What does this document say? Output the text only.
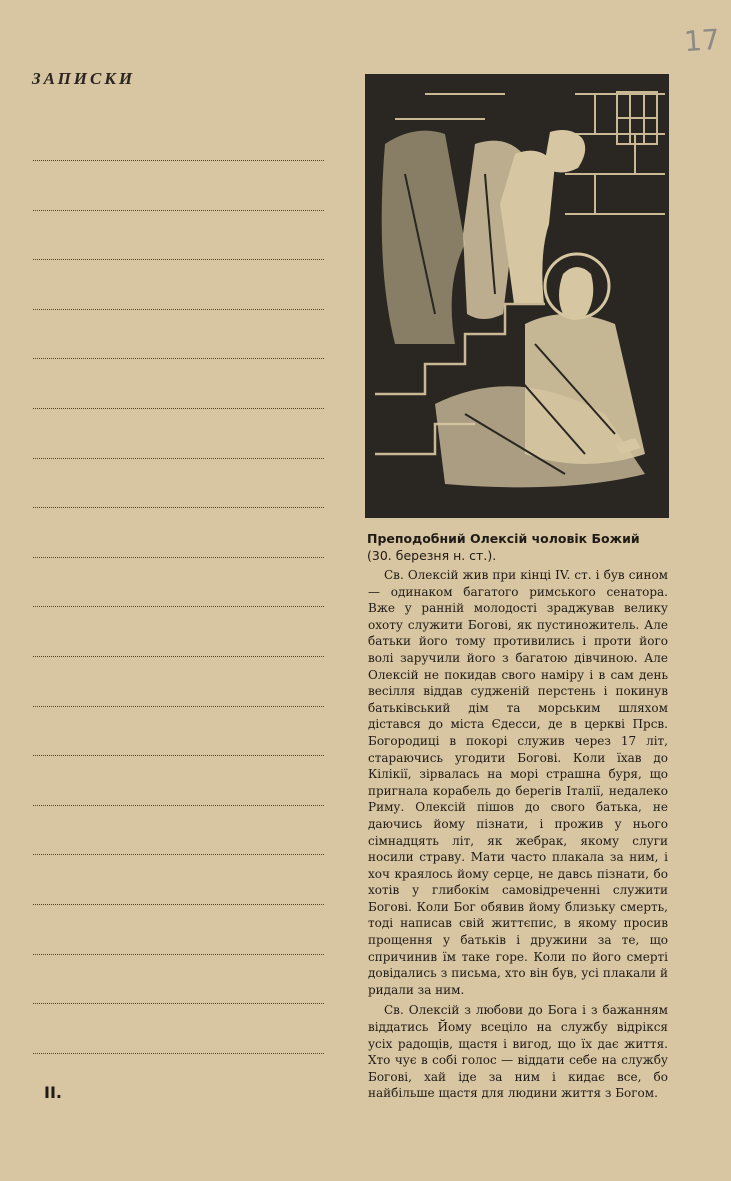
17
ЗАПИСКИ
Преподобний Олексій чоловік Божий (30. березня н. ст.).

Св. Олексій жив при кінці IV. ст. і був сином — одинаком багатого римського сенатора. Вже у ранній молодості зраджував велику охоту служити Богові, як пустиножитель. Але батьки його тому противились і проти його волі заручили його з багатою дівчиною. Але Олексій не покидав свого наміру і в сам день весілля віддав судженій перстень і покинув батьківський дім та морським шляхом дістався до міста Єдесси, де в церкві Прсв. Богородиці в покорі служив через 17 літ, стараючись угодити Богові. Коли їхав до Кілікії, зірвалась на морі страшна буря, що пригнала корабель до берегів Італії, недалеко Риму. Олексій пішов до свого батька, не даючись йому пізнати, і прожив у нього сімнадцять літ, як жебрак, якому слуги носили страву. Мати часто плакала за ним, і хоч краялось йому серце, не давсь пізнати, бо хотів у глибокім самовідреченні служити Богові. Коли Бог обявив йому близьку смерть, тоді написав свій життєпис, в якому просив прощення у батьків і дружини за те, що спричинив їм таке горе. Коли по його смерті довідались з письма, хто він був, усі плакали й ридали за ним.

Св. Олексій з любови до Бога і з бажанням віддатись Йому всецiло на службу відрікся усіх радощів, щастя і вигод, що їх дає життя. Хто чує в собі голос — віддати себе на службу Богові, хай іде за ним і кидає все, бо найбільше щастя для людини життя з Богом.

II.
